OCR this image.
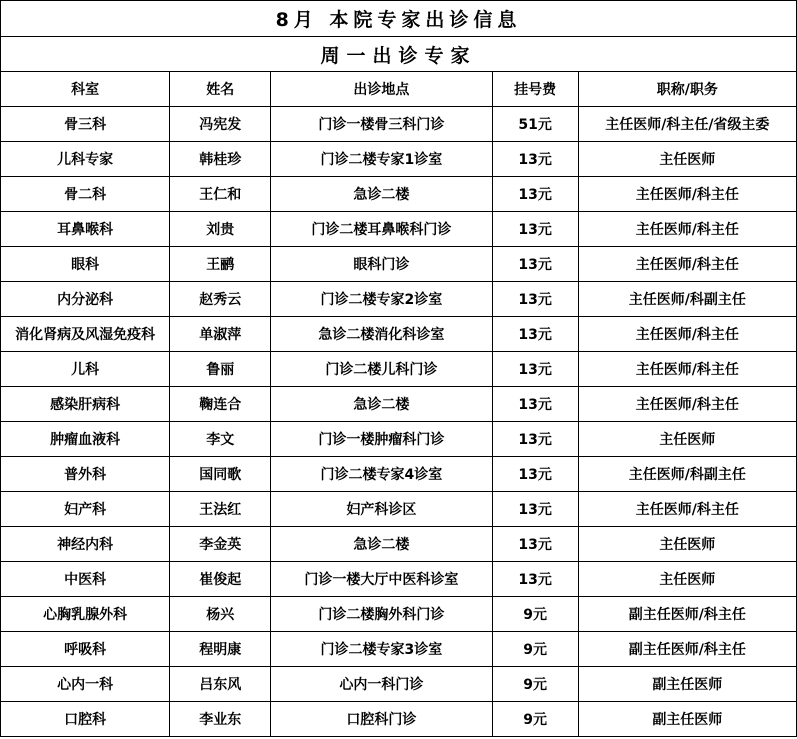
8月 本院专家出诊信息				
周一出诊专家				
科室	姓名	出诊地点	挂号费	职称/职务
骨三科	冯宪发	门诊一楼骨三科门诊	51元	主任医师/科主任/省级主委
儿科专家	韩桂珍	门诊二楼专家1诊室	13元	主任医师
骨二科	王仁和	急诊二楼	13元	主任医师/科主任
耳鼻喉科	刘贵	门诊二楼耳鼻喉科门诊	13元	主任医师/科主任
眼科	王鹂	眼科门诊	13元	主任医师/科主任
内分泌科	赵秀云	门诊二楼专家2诊室	13元	主任医师/科副主任
消化肾病及风湿免疫科	单淑萍	急诊二楼消化科诊室	13元	主任医师/科主任
儿科	鲁丽	门诊二楼儿科门诊	13元	主任医师/科主任
感染肝病科	鞠连合	急诊二楼	13元	主任医师/科主任
肿瘤血液科	李文	门诊一楼肿瘤科门诊	13元	主任医师
普外科	国同歌	门诊二楼专家4诊室	13元	主任医师/科副主任
妇产科	王法红	妇产科诊区	13元	主任医师/科主任
神经内科	李金英	急诊二楼	13元	主任医师
中医科	崔俊起	门诊一楼大厅中医科诊室	13元	主任医师
心胸乳腺外科	杨兴	门诊二楼胸外科门诊	9元	副主任医师/科主任
呼吸科	程明康	门诊二楼专家3诊室	9元	副主任医师/科主任
心内一科	吕东风	心内一科门诊	9元	副主任医师
口腔科	李业东	口腔科门诊	9元	副主任医师
